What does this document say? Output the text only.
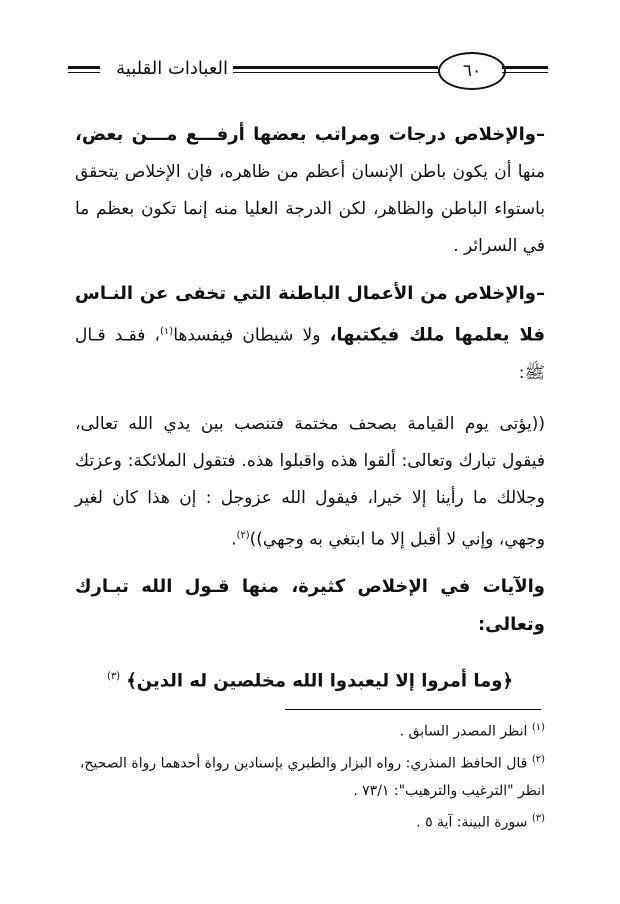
٦٠
العبادات القلبية

–والإخلاص درجات ومراتب بعضها أرفـــع مـــن بعض، منها أن يكون باطن الإنسان أعظم من ظاهره، فإن الإخلاص يتحقق باستواء الباطن والظاهر، لكن الدرجة العليا منه إنما تكون بعظم ما في السرائر .

–والإخلاص من الأعمال الباطنة التي تخفى عن النـاس فلا يعلمها ملك فيكتبها، ولا شيطان فيفسدها$^{(١)}$، فقـد قـال ﷺ:

((يؤتى يوم القيامة بصحف مختمة فتنصب بين يدي الله تعالى، فيقول تبارك وتعالى: ألقوا هذه واقبلوا هذه. فتقول الملائكة: وعزتك وجلالك ما رأينا إلا خيرا، فيقول الله عزوجل : إن هذا كان لغير وجهي، وإني لا أقبل إلا ما ابتغي به وجهي))$^{(٢)}$.

والآيات في الإخلاص كثيرة، منها قـول الله تبـارك وتعالى:

﴿وما أمروا إلا ليعبدوا الله مخلصين له الدين﴾ $^{(٣)}$

$^{(١)}$ انظر المصدر السابق .

$^{(٢)}$ قال الحافظ المنذري: رواه البزار والطبري بإسنادين رواة أحدهما رواة الصحيح، انظر "الترغيب والترهيب": ٧٣/١ .

$^{(٣)}$ سورة البينة: آية ٥ .
